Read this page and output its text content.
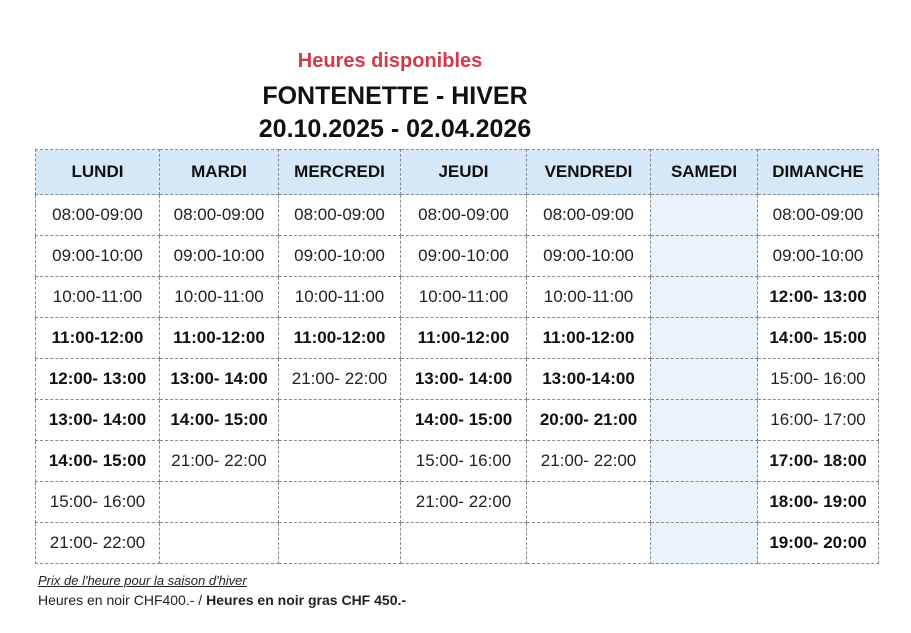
Heures disponibles
FONTENETTE - HIVER
20.10.2025 - 02.04.2026
LUNDI	MARDI	MERCREDI	JEUDI	VENDREDI	SAMEDI	DIMANCHE
08:00-09:00	08:00-09:00	08:00-09:00	08:00-09:00	08:00-09:00		08:00-09:00
09:00-10:00	09:00-10:00	09:00-10:00	09:00-10:00	09:00-10:00		09:00-10:00
10:00-11:00	10:00-11:00	10:00-11:00	10:00-11:00	10:00-11:00		12:00- 13:00
11:00-12:00	11:00-12:00	11:00-12:00	11:00-12:00	11:00-12:00		14:00- 15:00
12:00- 13:00	13:00- 14:00	21:00- 22:00	13:00- 14:00	13:00-14:00		15:00- 16:00
13:00- 14:00	14:00- 15:00		14:00- 15:00	20:00- 21:00		16:00- 17:00
14:00- 15:00	21:00- 22:00		15:00- 16:00	21:00- 22:00		17:00- 18:00
15:00- 16:00			21:00- 22:00			18:00- 19:00
21:00- 22:00						19:00- 20:00
Prix de l'heure pour la saison d'hiver
Heures en noir CHF400.- / Heures en noir gras CHF 450.-
